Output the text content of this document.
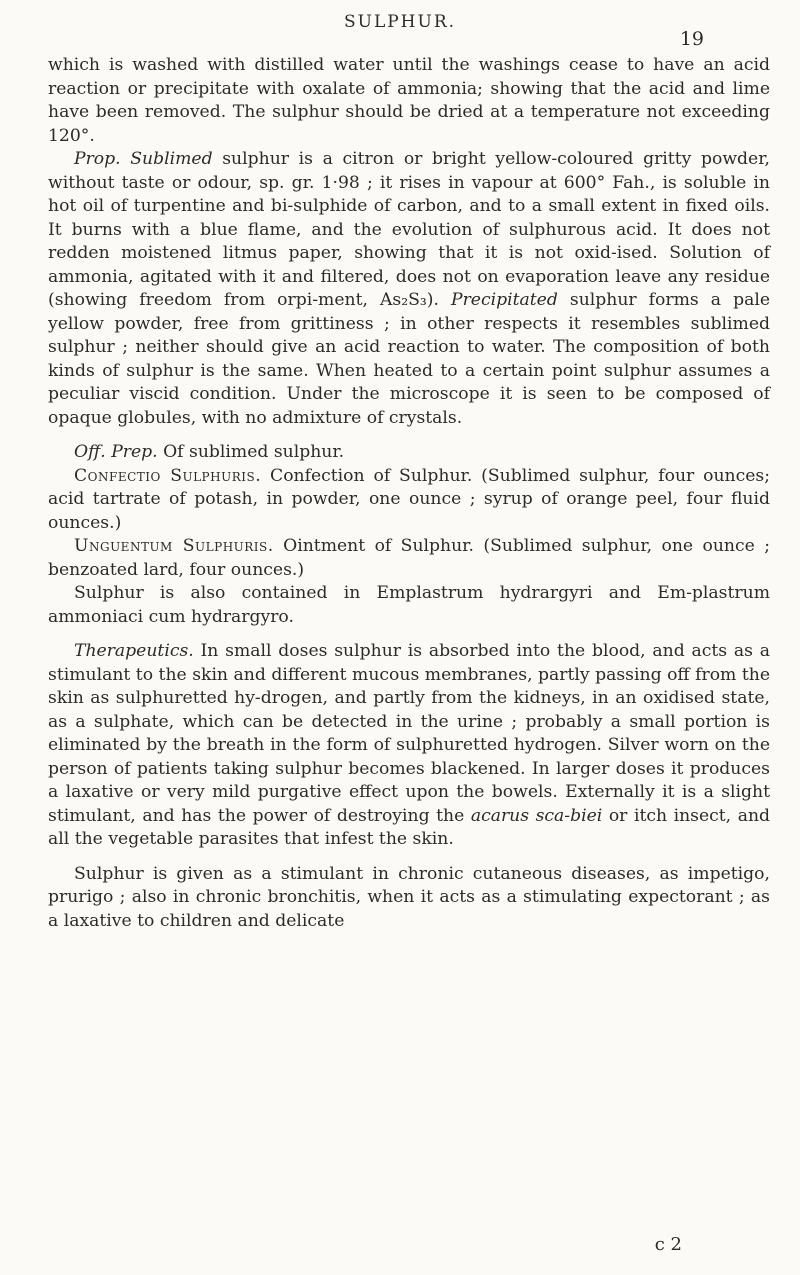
SULPHUR.
19

which is washed with distilled water until the washings cease to have an acid reaction or precipitate with oxalate of ammonia; showing that the acid and lime have been removed. The sulphur should be dried at a temperature not exceeding 120°.

Prop. Sublimed sulphur is a citron or bright yellow-coloured gritty powder, without taste or odour, sp. gr. 1·98 ; it rises in vapour at 600° Fah., is soluble in hot oil of turpentine and bi-sulphide of carbon, and to a small extent in fixed oils. It burns with a blue flame, and the evolution of sulphurous acid. It does not redden moistened litmus paper, showing that it is not oxid-ised. Solution of ammonia, agitated with it and filtered, does not on evaporation leave any residue (showing freedom from orpi-ment, As₂S₃). Precipitated sulphur forms a pale yellow powder, free from grittiness ; in other respects it resembles sublimed sulphur ; neither should give an acid reaction to water. The composition of both kinds of sulphur is the same. When heated to a certain point sulphur assumes a peculiar viscid condition. Under the microscope it is seen to be composed of opaque globules, with no admixture of crystals.

Off. Prep. Of sublimed sulphur.

Confectio Sulphuris. Confection of Sulphur. (Sublimed sulphur, four ounces; acid tartrate of potash, in powder, one ounce ; syrup of orange peel, four fluid ounces.)

Unguentum Sulphuris. Ointment of Sulphur. (Sublimed sulphur, one ounce ; benzoated lard, four ounces.)

Sulphur is also contained in Emplastrum hydrargyri and Em-plastrum ammoniaci cum hydrargyro.

Therapeutics. In small doses sulphur is absorbed into the blood, and acts as a stimulant to the skin and different mucous membranes, partly passing off from the skin as sulphuretted hy-drogen, and partly from the kidneys, in an oxidised state, as a sulphate, which can be detected in the urine ; probably a small portion is eliminated by the breath in the form of sulphuretted hydrogen. Silver worn on the person of patients taking sulphur becomes blackened. In larger doses it produces a laxative or very mild purgative effect upon the bowels. Externally it is a slight stimulant, and has the power of destroying the acarus sca-biei or itch insect, and all the vegetable parasites that infest the skin.

Sulphur is given as a stimulant in chronic cutaneous diseases, as impetigo, prurigo ; also in chronic bronchitis, when it acts as a stimulating expectorant ; as a laxative to children and delicate

c 2
